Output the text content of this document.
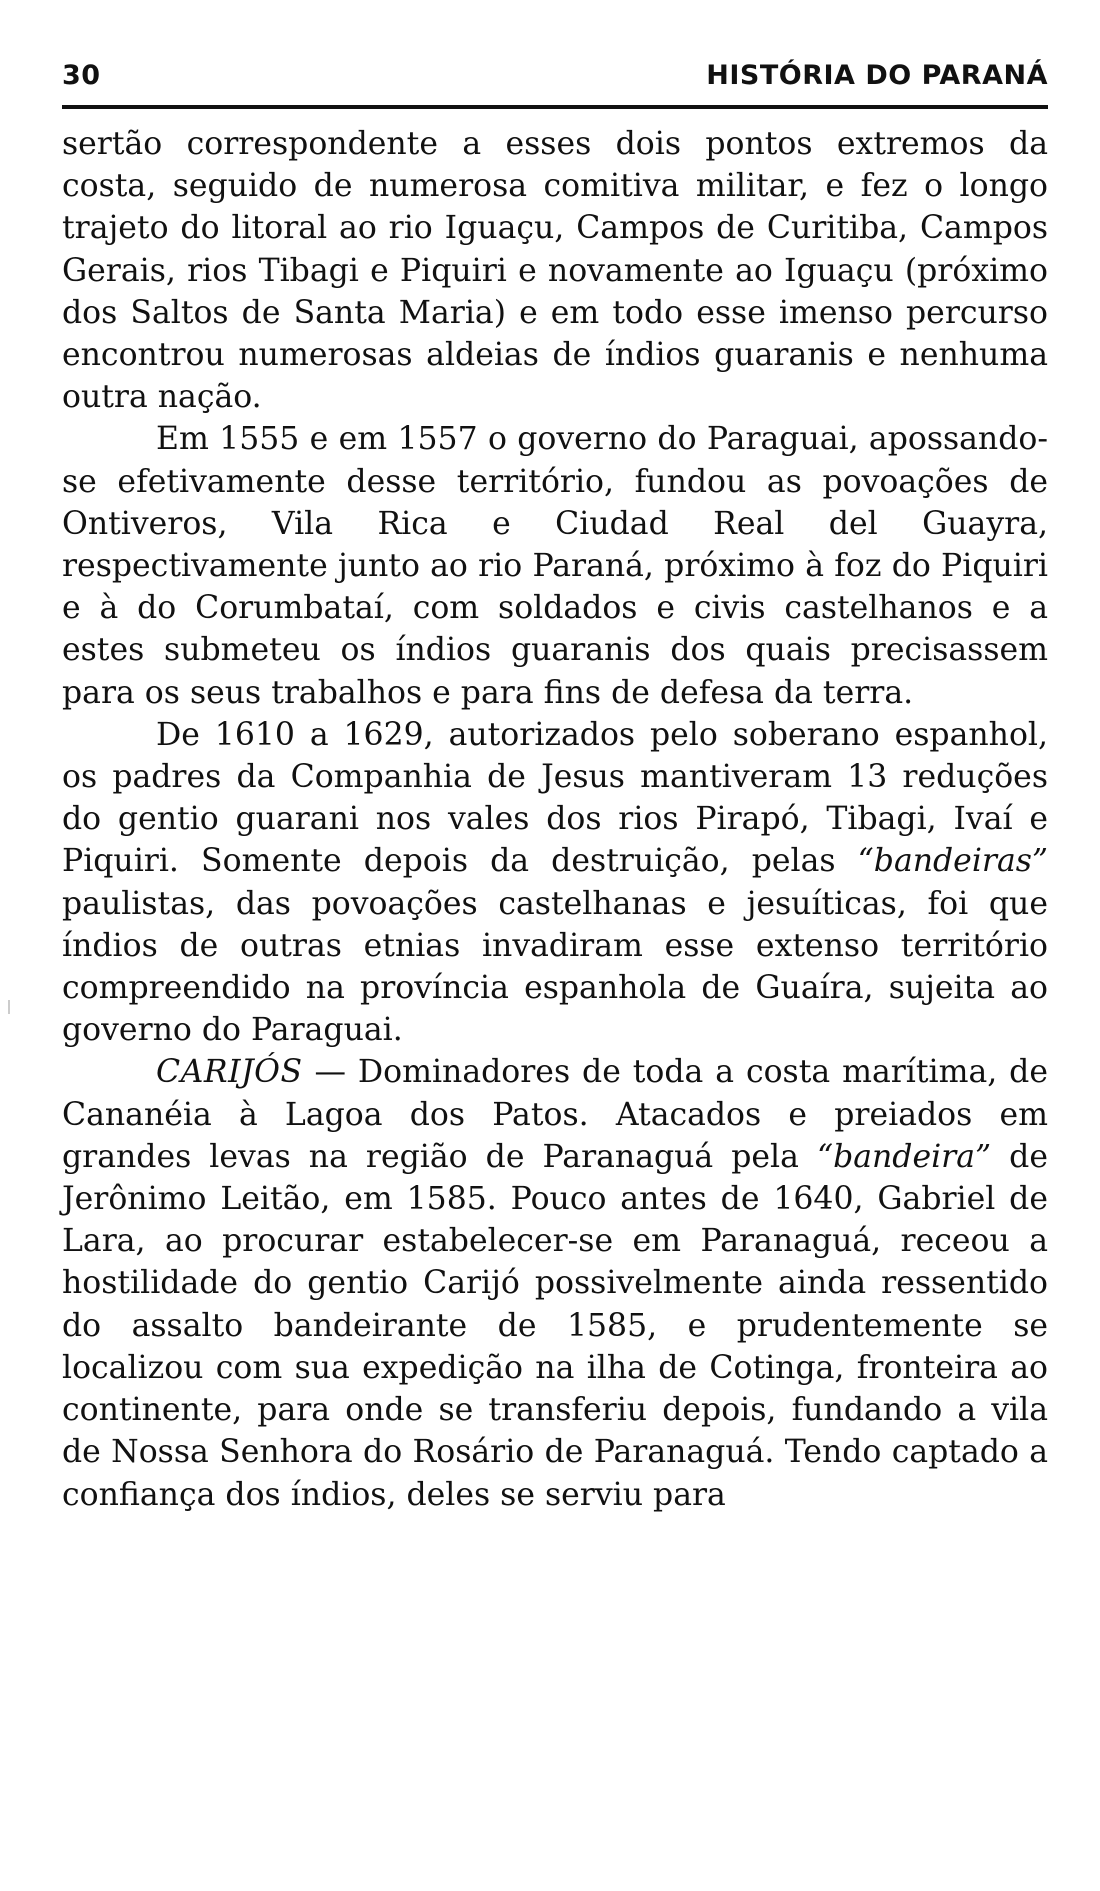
30	HISTÓRIA DO PARANÁ

sertão correspondente a esses dois pontos extremos da costa, seguido de numerosa comitiva militar, e fez o longo trajeto do litoral ao rio Iguaçu, Campos de Curitiba, Campos Gerais, rios Tibagi e Piquiri e novamente ao Iguaçu (próximo dos Saltos de Santa Maria) e em todo esse imenso percurso encontrou numerosas aldeias de índios guaranis e nenhuma outra nação.

Em 1555 e em 1557 o governo do Paraguai, apossando-se efetivamente desse território, fundou as povoações de Ontiveros, Vila Rica e Ciudad Real del Guayra, respectivamente junto ao rio Paraná, próximo à foz do Piquiri e à do Corumbataí, com soldados e civis castelhanos e a estes submeteu os índios guaranis dos quais precisassem para os seus trabalhos e para fins de defesa da terra.

De 1610 a 1629, autorizados pelo soberano espanhol, os padres da Companhia de Jesus mantiveram 13 reduções do gentio guarani nos vales dos rios Pirapó, Tibagi, Ivaí e Piquiri. Somente depois da destruição, pelas “bandeiras” paulistas, das povoações castelhanas e jesuíticas, foi que índios de outras etnias invadiram esse extenso território compreendido na província espanhola de Guaíra, sujeita ao governo do Paraguai.

CARIJÓS — Dominadores de toda a costa marítima, de Cananéia à Lagoa dos Patos. Atacados e preiados em grandes levas na região de Paranaguá pela “bandeira” de Jerônimo Leitão, em 1585. Pouco antes de 1640, Gabriel de Lara, ao procurar estabelecer-se em Paranaguá, receou a hostilidade do gentio Carijó possivelmente ainda ressentido do assalto bandeirante de 1585, e prudentemente se localizou com sua expedição na ilha de Cotinga, fronteira ao continente, para onde se transferiu depois, fundando a vila de Nossa Senhora do Rosário de Paranaguá. Tendo captado a confiança dos índios, deles se serviu para
